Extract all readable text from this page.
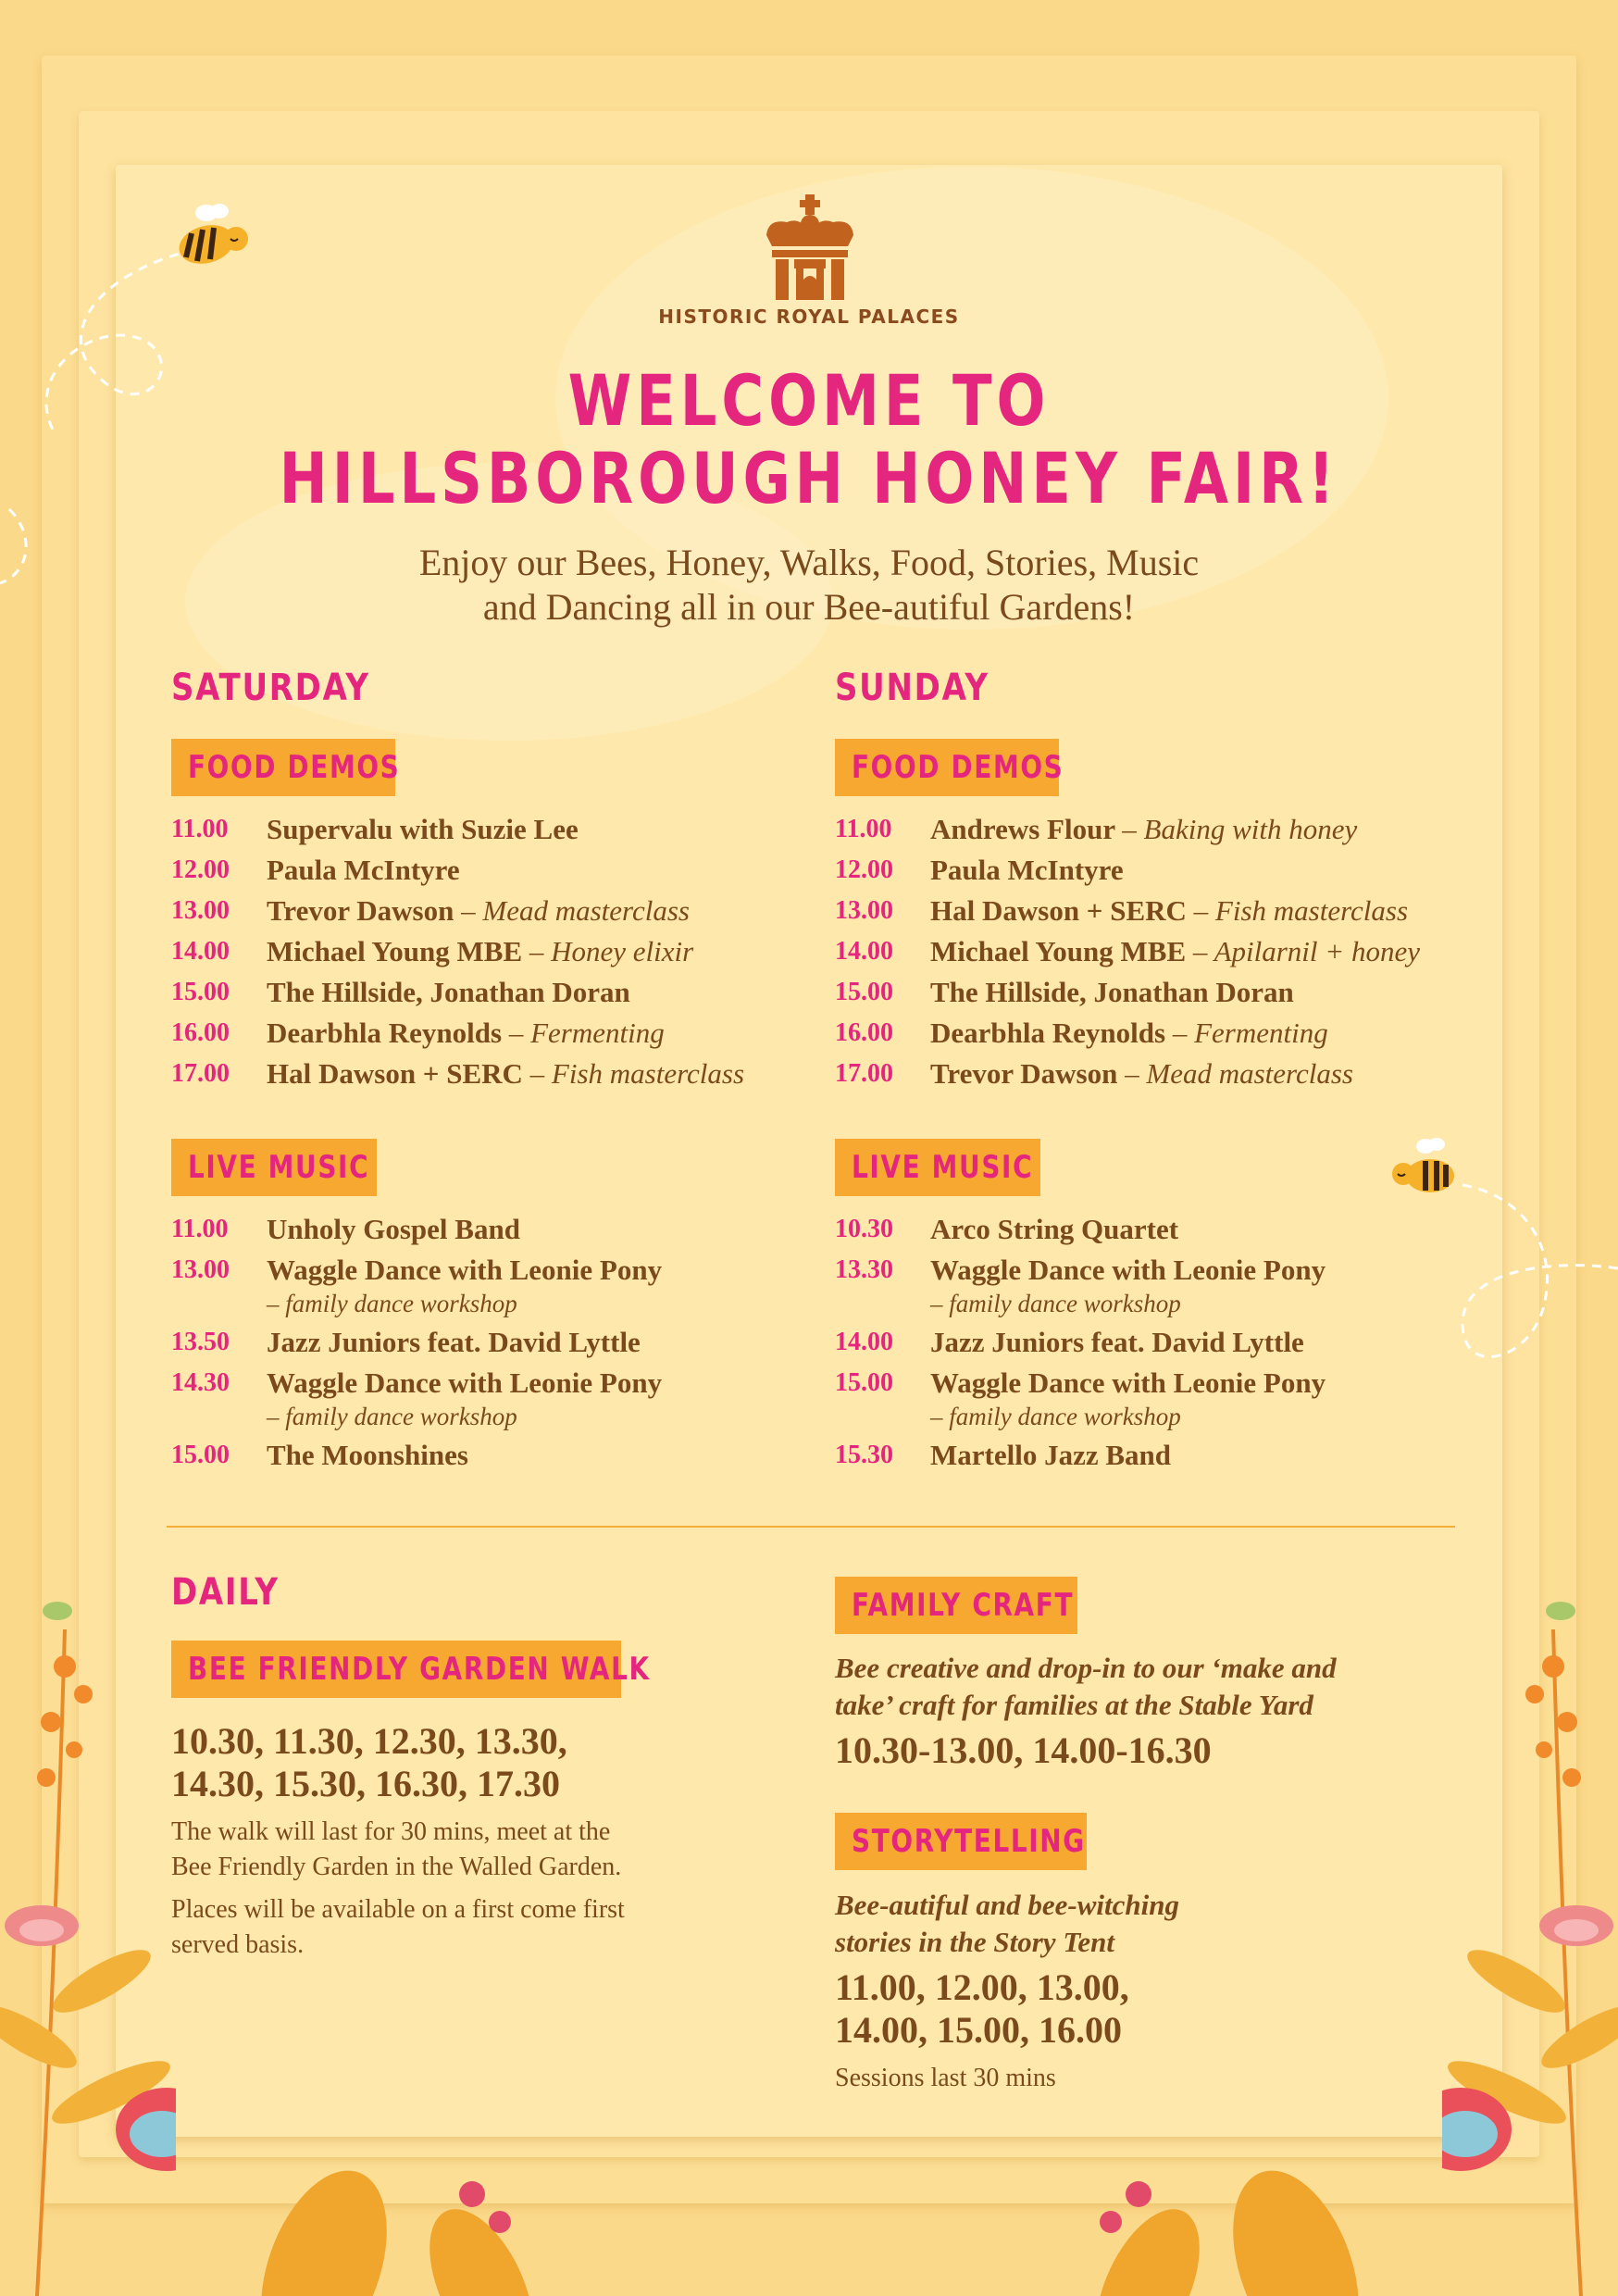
HISTORIC ROYAL PALACES
WELCOME TO
HILLSBOROUGH HONEY FAIR!
Enjoy our Bees, Honey, Walks, Food, Stories, Music
and Dancing all in our Bee-autiful Gardens!
SATURDAY
FOOD DEMOS
11.00 Supervalu with Suzie Lee
12.00 Paula McIntyre
13.00 Trevor Dawson – Mead masterclass
14.00 Michael Young MBE – Honey elixir
15.00 The Hillside, Jonathan Doran
16.00 Dearbhla Reynolds – Fermenting
17.00 Hal Dawson + SERC – Fish masterclass
LIVE MUSIC
11.00 Unholy Gospel Band
13.00 Waggle Dance with Leonie Pony
– family dance workshop
13.50 Jazz Juniors feat. David Lyttle
14.30 Waggle Dance with Leonie Pony
– family dance workshop
15.00 The Moonshines
SUNDAY
FOOD DEMOS
11.00 Andrews Flour – Baking with honey
12.00 Paula McIntyre
13.00 Hal Dawson + SERC – Fish masterclass
14.00 Michael Young MBE – Apilarnil + honey
15.00 The Hillside, Jonathan Doran
16.00 Dearbhla Reynolds – Fermenting
17.00 Trevor Dawson – Mead masterclass
LIVE MUSIC
10.30 Arco String Quartet
13.30 Waggle Dance with Leonie Pony
– family dance workshop
14.00 Jazz Juniors feat. David Lyttle
15.00 Waggle Dance with Leonie Pony
– family dance workshop
15.30 Martello Jazz Band
DAILY
BEE FRIENDLY GARDEN WALK
10.30, 11.30, 12.30, 13.30,
14.30, 15.30, 16.30, 17.30
The walk will last for 30 mins, meet at the
Bee Friendly Garden in the Walled Garden.
Places will be available on a first come first
served basis.
FAMILY CRAFT
Bee creative and drop-in to our ‘make and
take’ craft for families at the Stable Yard
10.30-13.00, 14.00-16.30
STORYTELLING
Bee-autiful and bee-witching
stories in the Story Tent
11.00, 12.00, 13.00,
14.00, 15.00, 16.00
Sessions last 30 mins
